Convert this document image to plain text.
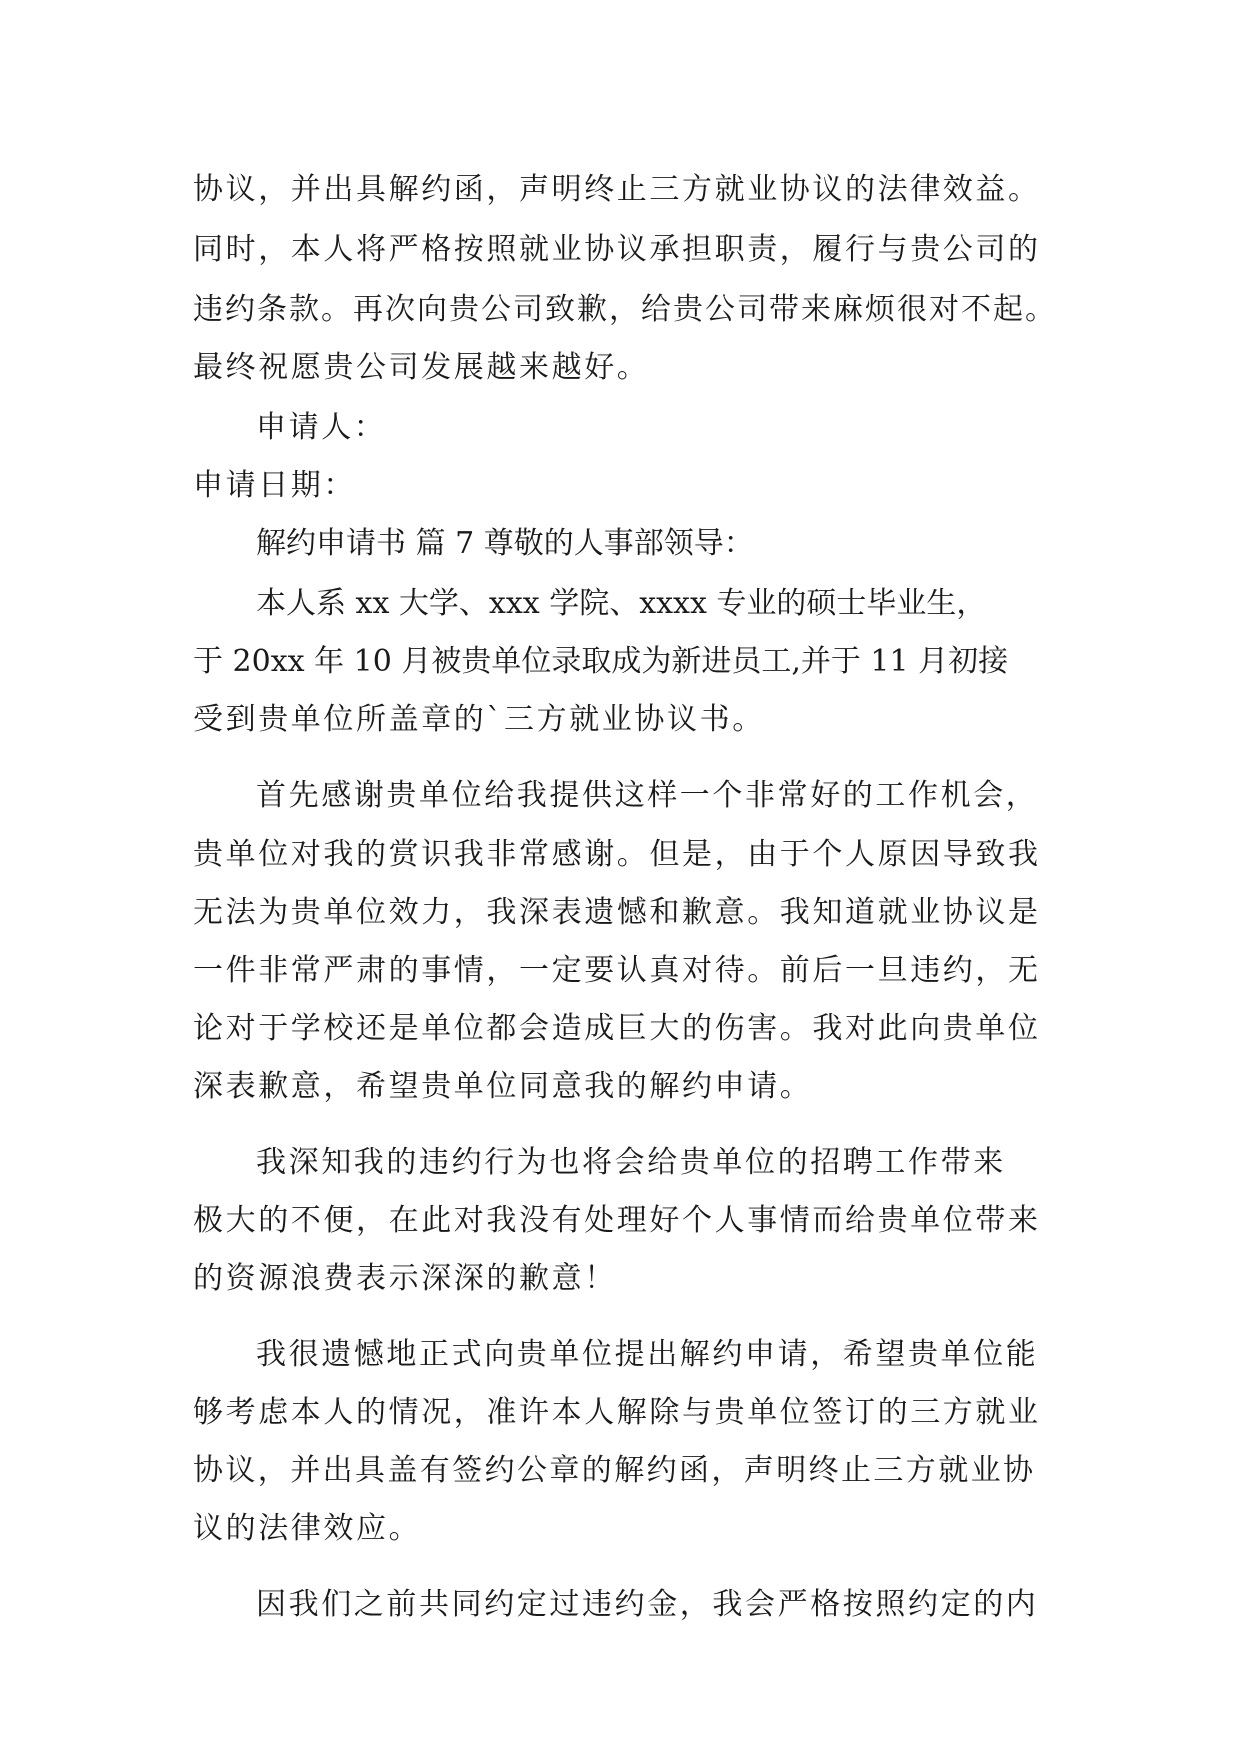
协议，并出具解约函，声明终止三方就业协议的法律效益。
同时，本人将严格按照就业协议承担职责，履行与贵公司的
违约条款。再次向贵公司致歉，给贵公司带来麻烦很对不起。
最终祝愿贵公司发展越来越好。
申请人：
申请日期：
解约申请书 篇 7 尊敬的人事部领导：
本人系 xx 大学、xxx 学院、xxxx 专业的硕士毕业生，
于 20xx 年 10 月被贵单位录取成为新进员工,并于 11 月初接
受到贵单位所盖章的`三方就业协议书。
首先感谢贵单位给我提供这样一个非常好的工作机会，
贵单位对我的赏识我非常感谢。但是，由于个人原因导致我
无法为贵单位效力，我深表遗憾和歉意。我知道就业协议是
一件非常严肃的事情，一定要认真对待。前后一旦违约，无
论对于学校还是单位都会造成巨大的伤害。我对此向贵单位
深表歉意，希望贵单位同意我的解约申请。
我深知我的违约行为也将会给贵单位的招聘工作带来
极大的不便，在此对我没有处理好个人事情而给贵单位带来
的资源浪费表示深深的歉意！
我很遗憾地正式向贵单位提出解约申请，希望贵单位能
够考虑本人的情况，准许本人解除与贵单位签订的三方就业
协议，并出具盖有签约公章的解约函，声明终止三方就业协
议的法律效应。
因我们之前共同约定过违约金，我会严格按照约定的内
